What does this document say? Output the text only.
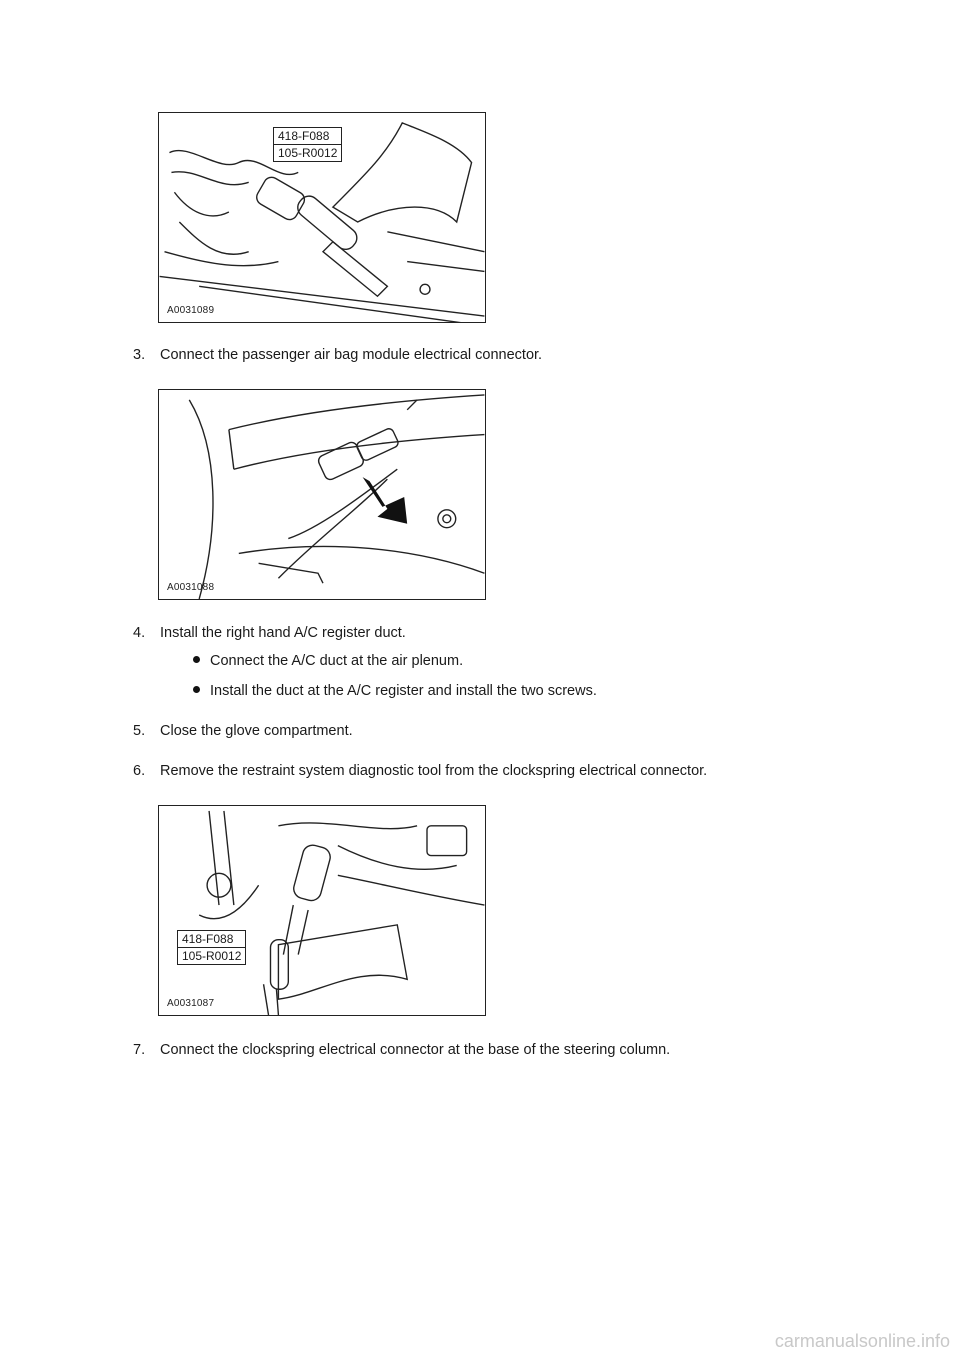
418-F088
105-R0012
A0031089
3. Connect the passenger air bag module electrical connector.
A0031088
4. Install the right hand A/C register duct.
Connect the A/C duct at the air plenum.
Install the duct at the A/C register and install the two screws.
5. Close the glove compartment.
6. Remove the restraint system diagnostic tool from the clockspring electrical connector.
418-F088
105-R0012
A0031087
7. Connect the clockspring electrical connector at the base of the steering column.
carmanualsonline.info
